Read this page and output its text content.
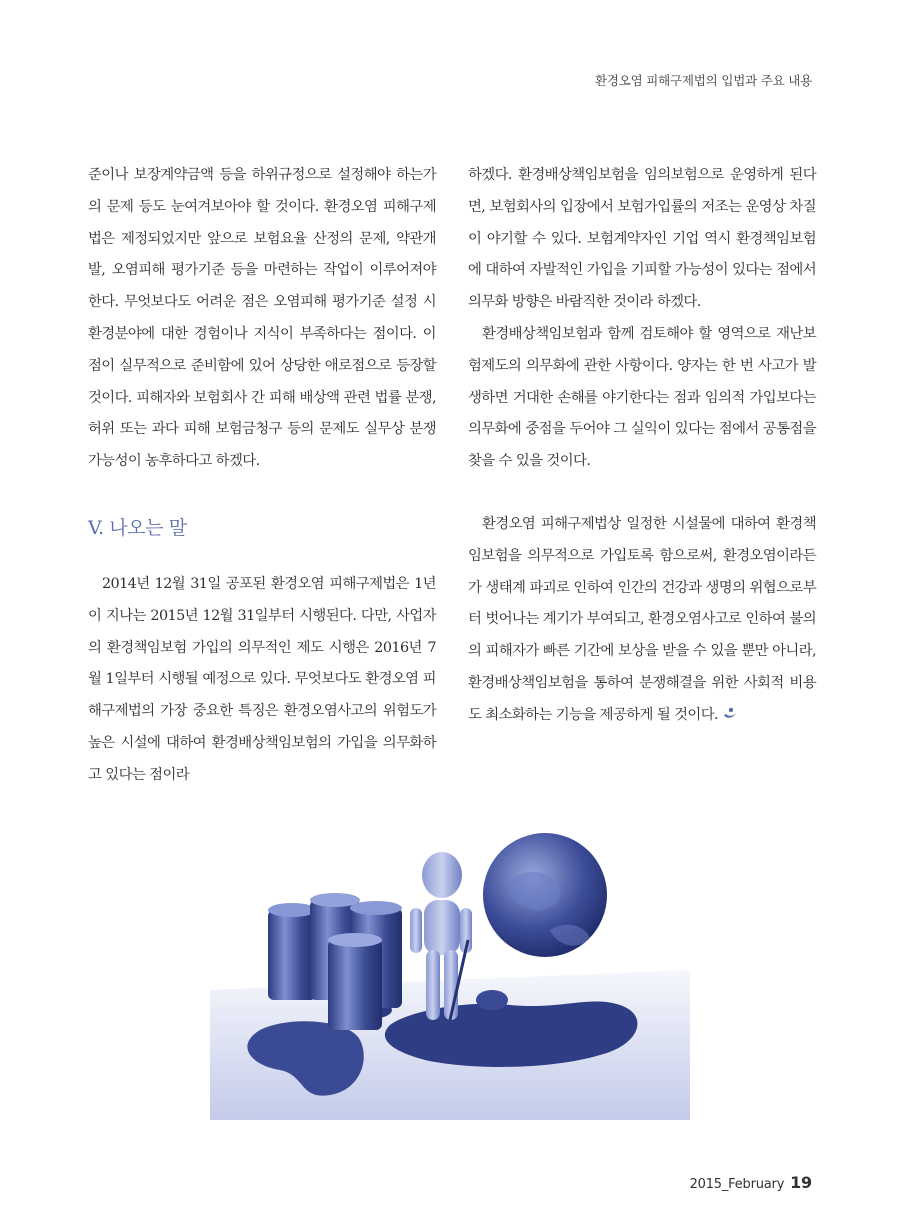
환경오염 피해구제법의 입법과 주요 내용

준이나 보장계약금액 등을 하위규정으로 설정해야 하는가의 문제 등도 눈여겨보아야 할 것이다. 환경오염 피해구제법은 제정되었지만 앞으로 보험요율 산정의 문제, 약관개발, 오염피해 평가기준 등을 마련하는 작업이 이루어져야 한다. 무엇보다도 어려운 점은 오염피해 평가기준 설정 시 환경분야에 대한 경험이나 지식이 부족하다는 점이다. 이 점이 실무적으로 준비함에 있어 상당한 애로점으로 등장할 것이다. 피해자와 보험회사 간 피해 배상액 관련 법률 분쟁, 허위 또는 과다 피해 보험금청구 등의 문제도 실무상 분쟁가능성이 농후하다고 하겠다.

V. 나오는 말

2014년 12월 31일 공포된 환경오염 피해구제법은 1년이 지나는 2015년 12월 31일부터 시행된다. 다만, 사업자의 환경책임보험 가입의 의무적인 제도 시행은 2016년 7월 1일부터 시행될 예정으로 있다. 무엇보다도 환경오염 피해구제법의 가장 중요한 특징은 환경오염사고의 위험도가 높은 시설에 대하여 환경배상책임보험의 가입을 의무화하고 있다는 점이라

하겠다. 환경배상책임보험을 임의보험으로 운영하게 된다면, 보험회사의 입장에서 보험가입률의 저조는 운영상 차질이 야기할 수 있다. 보험계약자인 기업 역시 환경책임보험에 대하여 자발적인 가입을 기피할 가능성이 있다는 점에서 의무화 방향은 바람직한 것이라 하겠다.

환경배상책임보험과 함께 검토해야 할 영역으로 재난보험제도의 의무화에 관한 사항이다. 양자는 한 번 사고가 발생하면 거대한 손해를 야기한다는 점과 임의적 가입보다는 의무화에 중점을 두어야 그 실익이 있다는 점에서 공통점을 찾을 수 있을 것이다.

환경오염 피해구제법상 일정한 시설물에 대하여 환경책임보험을 의무적으로 가입토록 함으로써, 환경오염이라든가 생태계 파괴로 인하여 인간의 건강과 생명의 위협으로부터 벗어나는 계기가 부여되고, 환경오염사고로 인하여 불의의 피해자가 빠른 기간에 보상을 받을 수 있을 뿐만 아니라, 환경배상책임보험을 통하여 분쟁해결을 위한 사회적 비용도 최소화하는 기능을 제공하게 될 것이다.

2015_February 19
